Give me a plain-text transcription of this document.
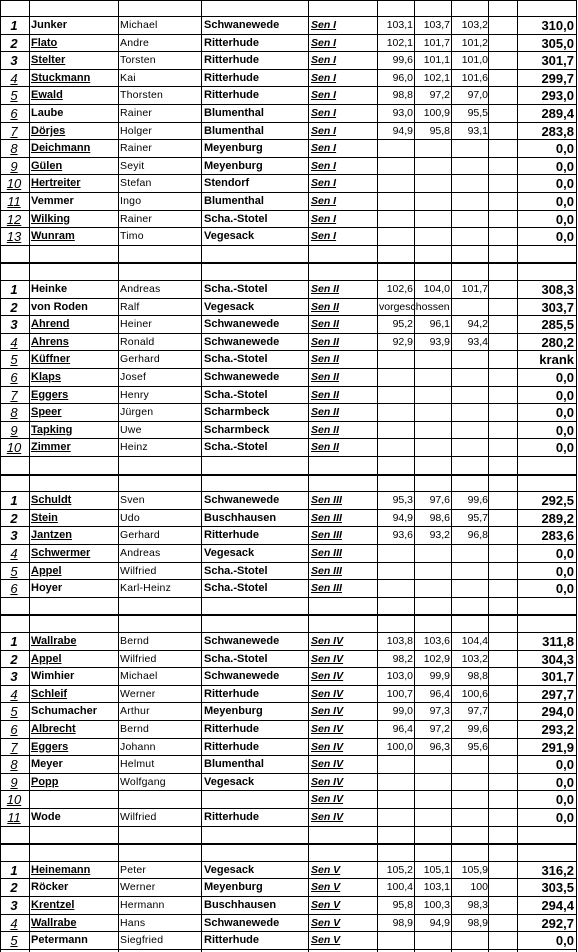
1	Junker	Michael	Schwanewede	Sen I	103,1	103,7	103,2	310,0
2	Flato	Andre	Ritterhude	Sen I	102,1	101,7	101,2	305,0
3	Stelter	Torsten	Ritterhude	Sen I	99,6	101,1	101,0	301,7
4	Stuckmann	Kai	Ritterhude	Sen I	96,0	102,1	101,6	299,7
5	Ewald	Thorsten	Ritterhude	Sen I	98,8	97,2	97,0	293,0
6	Laube	Rainer	Blumenthal	Sen I	93,0	100,9	95,5	289,4
7	Dörjes	Holger	Blumenthal	Sen I	94,9	95,8	93,1	283,8
8	Deichmann	Rainer	Meyenburg	Sen I	0,0
9	Gülen	Seyit	Meyenburg	Sen I	0,0
10 Hertreiter	Stefan	Stendorf	Sen I	0,0
11 Vemmer	Ingo	Blumenthal	Sen I	0,0
12 Wilking	Rainer	Scha.-Stotel	Sen I	0,0
13 Wunram	Timo	Vegesack	Sen I	0,0
1	Heinke	Andreas	Scha.-Stotel	Sen II	102,6	104,0	101,7	308,3
2	von Roden	Ralf	Vegesack	Sen II	vorgeschossen	303,7
3	Ahrend	Heiner	Schwanewede	Sen II	95,2	96,1	94,2	285,5
4	Ahrens	Ronald	Schwanewede	Sen II	92,9	93,9	93,4	280,2
5	Küffner	Gerhard	Scha.-Stotel	Sen II	krank
6	Klaps	Josef	Schwanewede	Sen II	0,0
7	Eggers	Henry	Scha.-Stotel	Sen II	0,0
8	Speer	Jürgen	Scharmbeck	Sen II	0,0
9	Tapking	Uwe	Scharmbeck	Sen II	0,0
10 Zimmer	Heinz	Scha.-Stotel	Sen II	0,0
1	Schuldt	Sven	Schwanewede	Sen III	95,3	97,6	99,6	292,5
2	Stein	Udo	Buschhausen	Sen III	94,9	98,6	95,7	289,2
3	Jantzen	Gerhard	Ritterhude	Sen III	93,6	93,2	96,8	283,6
4	Schwermer	Andreas	Vegesack	Sen III	0,0
5	Appel	Wilfried	Scha.-Stotel	Sen III	0,0
6	Hoyer	Karl-Heinz	Scha.-Stotel	Sen III	0,0
1	Wallrabe	Bernd	Schwanewede	Sen IV	103,8	103,6	104,4	311,8
2	Appel	Wilfried	Scha.-Stotel	Sen IV	98,2	102,9	103,2	304,3
3	Wimhier	Michael	Schwanewede	Sen IV	103,0	99,9	98,8	301,7
4	Schleif	Werner	Ritterhude	Sen IV	100,7	96,4	100,6	297,7
5	Schumacher Arthur	Meyenburg	Sen IV	99,0	97,3	97,7	294,0
6	Albrecht	Bernd	Ritterhude	Sen IV	96,4	97,2	99,6	293,2
7	Eggers	Johann	Ritterhude	Sen IV	100,0	96,3	95,6	291,9
8	Meyer	Helmut	Blumenthal	Sen IV	0,0
9	Popp	Wolfgang	Vegesack	Sen IV	0,0
10	Sen IV	0,0
11 Wode	Wilfried	Ritterhude	Sen IV	0,0
1	Heinemann	Peter	Vegesack	Sen V	105,2	105,1	105,9	316,2
2	Röcker	Werner	Meyenburg	Sen V	100,4	103,1	100	303,5
3	Krentzel	Hermann	Buschhausen	Sen V	95,8	100,3	98,3	294,4
4	Wallrabe	Hans	Schwanewede	Sen V	98,9	94,9	98,9	292,7
5	Petermann	Siegfried	Ritterhude	Sen V	0,0
